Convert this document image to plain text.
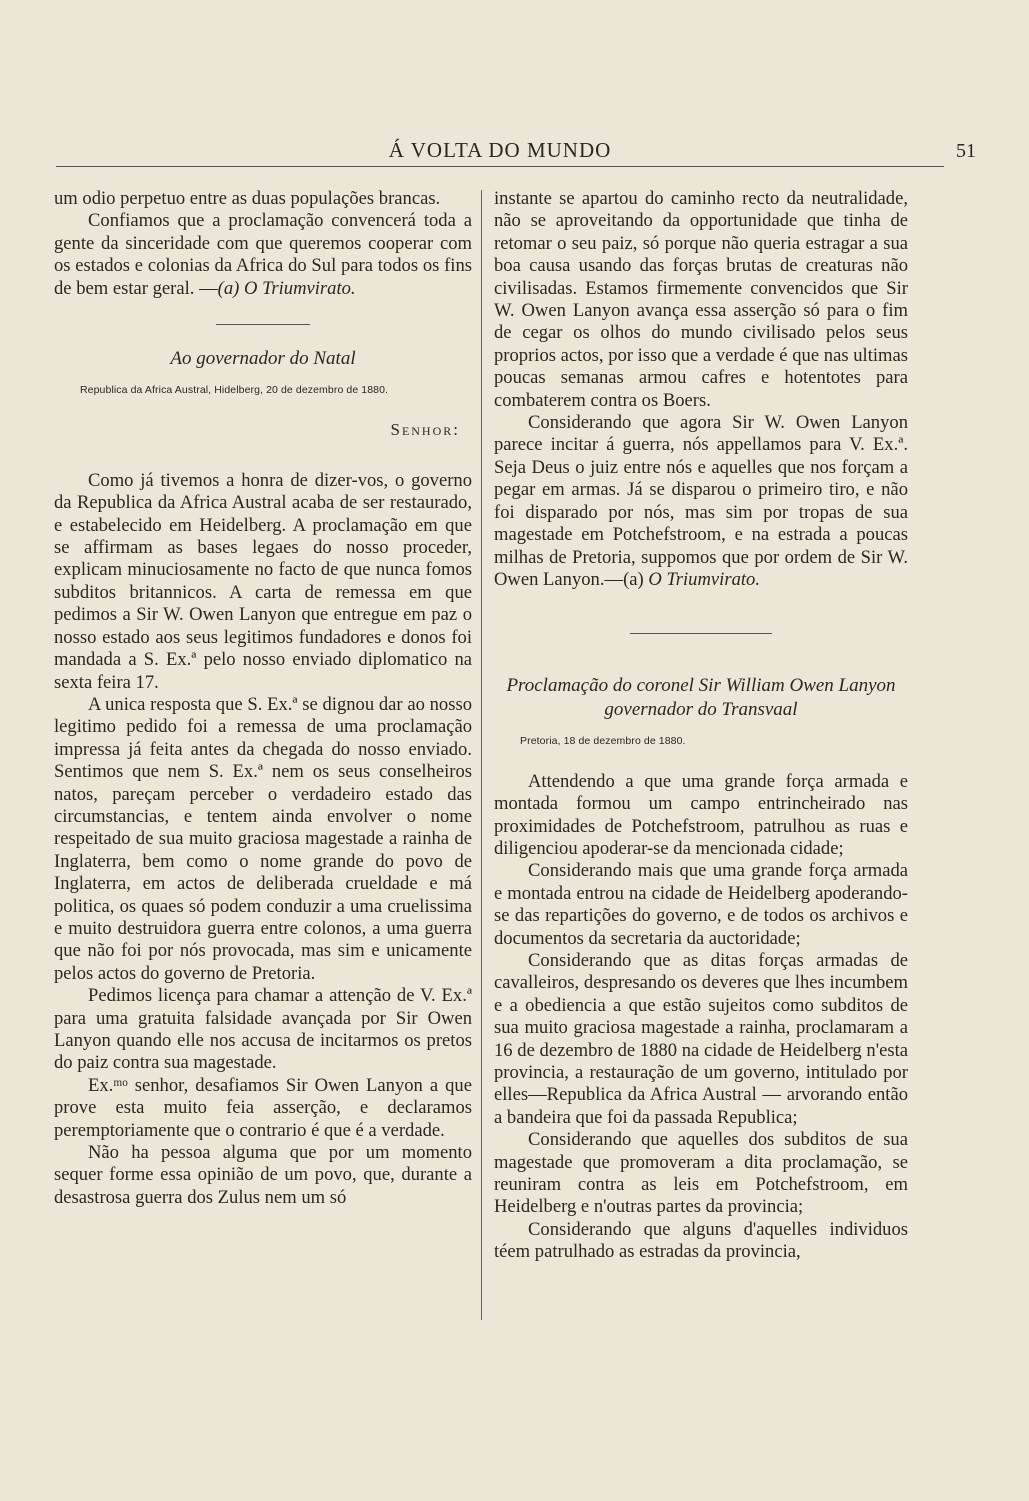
Á VOLTA DO MUNDO	51

um odio perpetuo entre as duas populações brancas.

Confiamos que a proclamação convencerá toda a gente da sinceridade com que queremos cooperar com os estados e colonias da Africa do Sul para todos os fins de bem estar geral. —(a) O Triumvirato.

Ao governador do Natal
Republica da Africa Austral, Hidelberg, 20 de dezembro de 1880.
Senhor:

Como já tivemos a honra de dizer-vos, o governo da Republica da Africa Austral acaba de ser restaurado, e estabelecido em Heidelberg. A proclamação em que se affirmam as bases legaes do nosso proceder, explicam minuciosamente no facto de que nunca fomos subditos britannicos. A carta de remessa em que pedimos a Sir W. Owen Lanyon que entregue em paz o nosso estado aos seus legitimos fundadores e donos foi mandada a S. Ex.ª pelo nosso enviado diplomatico na sexta feira 17.

A unica resposta que S. Ex.ª se dignou dar ao nosso legitimo pedido foi a remessa de uma proclamação impressa já feita antes da chegada do nosso enviado. Sentimos que nem S. Ex.ª nem os seus conselheiros natos, pareçam perceber o verdadeiro estado das circumstancias, e tentem ainda envolver o nome respeitado de sua muito graciosa magestade a rainha de Inglaterra, bem como o nome grande do povo de Inglaterra, em actos de deliberada crueldade e má politica, os quaes só podem conduzir a uma cruelissima e muito destruidora guerra entre colonos, a uma guerra que não foi por nós provocada, mas sim e unicamente pelos actos do governo de Pretoria.

Pedimos licença para chamar a attenção de V. Ex.ª para uma gratuita falsidade avançada por Sir Owen Lanyon quando elle nos accusa de incitarmos os pretos do paiz contra sua magestade.

Ex.ᵐᵒ senhor, desafiamos Sir Owen Lanyon a que prove esta muito feia asserção, e declaramos peremptoriamente que o contrario é que é a verdade.

Não ha pessoa alguma que por um momento sequer forme essa opinião de um povo, que, durante a desastrosa guerra dos Zulus nem um só

instante se apartou do caminho recto da neutralidade, não se aproveitando da opportunidade que tinha de retomar o seu paiz, só porque não queria estragar a sua boa causa usando das forças brutas de creaturas não civilisadas. Estamos firmemente convencidos que Sir W. Owen Lanyon avança essa asserção só para o fim de cegar os olhos do mundo civilisado pelos seus proprios actos, por isso que a verdade é que nas ultimas poucas semanas armou cafres e hotentotes para combaterem contra os Boers.

Considerando que agora Sir W. Owen Lanyon parece incitar á guerra, nós appellamos para V. Ex.ª. Seja Deus o juiz entre nós e aquelles que nos forçam a pegar em armas. Já se disparou o primeiro tiro, e não foi disparado por nós, mas sim por tropas de sua magestade em Potchefstroom, e na estrada a poucas milhas de Pretoria, suppomos que por ordem de Sir W. Owen Lanyon.—(a) O Triumvirato.

Proclamação do coronel Sir William Owen Lanyon
governador do Transvaal
Pretoria, 18 de dezembro de 1880.

Attendendo a que uma grande força armada e montada formou um campo entrincheirado nas proximidades de Potchefstroom, patrulhou as ruas e diligenciou apoderar-se da mencionada cidade;

Considerando mais que uma grande força armada e montada entrou na cidade de Heidelberg apoderando-se das repartições do governo, e de todos os archivos e documentos da secretaria da auctoridade;

Considerando que as ditas forças armadas de cavalleiros, despresando os deveres que lhes incumbem e a obediencia a que estão sujeitos como subditos de sua muito graciosa magestade a rainha, proclamaram a 16 de dezembro de 1880 na cidade de Heidelberg n'esta provincia, a restauração de um governo, intitulado por elles—Republica da Africa Austral — arvorando então a bandeira que foi da passada Republica;

Considerando que aquelles dos subditos de sua magestade que promoveram a dita proclamação, se reuniram contra as leis em Potchefstroom, em Heidelberg e n'outras partes da provincia;

Considerando que alguns d'aquelles individuos téem patrulhado as estradas da provincia,
